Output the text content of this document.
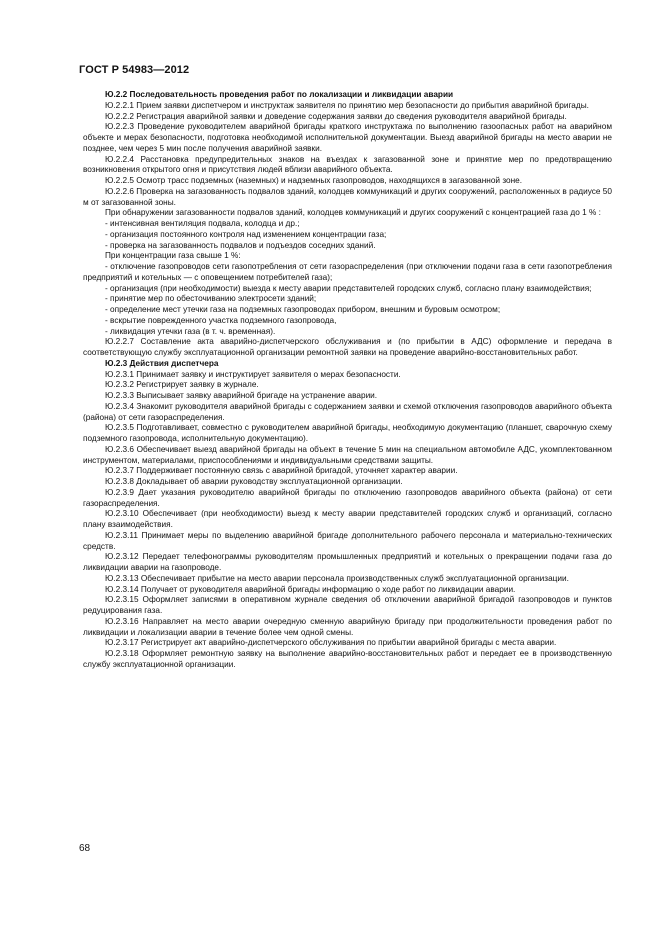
ГОСТ Р 54983—2012

Ю.2.2 Последовательность проведения работ по локализации и ликвидации аварии

Ю.2.2.1 Прием заявки диспетчером и инструктаж заявителя по принятию мер безопасности до прибытия аварийной бригады.

Ю.2.2.2 Регистрация аварийной заявки и доведение содержания заявки до сведения руководителя аварийной бригады.

Ю.2.2.3 Проведение руководителем аварийной бригады краткого инструктажа по выполнению газоопасных работ на аварийном объекте и мерах безопасности, подготовка необходимой исполнительной документации. Выезд аварийной бригады на место аварии не позднее, чем через 5 мин после получения аварийной заявки.

Ю.2.2.4 Расстановка предупредительных знаков на въездах к загазованной зоне и принятие мер по предотвращению возникновения открытого огня и присутствия людей вблизи аварийного объекта.

Ю.2.2.5 Осмотр трасс подземных (наземных) и надземных газопроводов, находящихся в загазованной зоне.

Ю.2.2.6 Проверка на загазованность подвалов зданий, колодцев коммуникаций и других сооружений, расположенных в радиусе 50 м от загазованной зоны.

При обнаружении загазованности подвалов зданий, колодцев коммуникаций и других сооружений с концентрацией газа до 1 % :

- интенсивная вентиляция подвала, колодца и др.;

- организация постоянного контроля над изменением концентрации газа;

- проверка на загазованность подвалов и подъездов соседних зданий.

При концентрации газа свыше 1 %:

- отключение газопроводов сети газопотребления от сети газораспределения (при отключении подачи газа в сети газопотребления предприятий и котельных — с оповещением потребителей газа);

- организация (при необходимости) выезда к месту аварии представителей городских служб, согласно плану взаимодействия;

- принятие мер по обесточиванию электросети зданий;

- определение мест утечки газа на подземных газопроводах прибором, внешним и буровым осмотром;

- вскрытие поврежденного участка подземного газопровода,

- ликвидация утечки газа (в т. ч. временная).

Ю.2.2.7 Составление акта аварийно-диспетчерского обслуживания и (по прибытии в АДС) оформление и передача в соответствующую службу эксплуатационной организации ремонтной заявки на проведение аварийно-восстановительных работ.

Ю.2.3 Действия диспетчера

Ю.2.3.1 Принимает заявку и инструктирует заявителя о мерах безопасности.

Ю.2.3.2 Регистрирует заявку в журнале.

Ю.2.3.3 Выписывает заявку аварийной бригаде на устранение аварии.

Ю.2.3.4 Знакомит руководителя аварийной бригады с содержанием заявки и схемой отключения газопроводов аварийного объекта (района) от сети газораспределения.

Ю.2.3.5 Подготавливает, совместно с руководителем аварийной бригады, необходимую документацию (планшет, сварочную схему подземного газопровода, исполнительную документацию).

Ю.2.3.6 Обеспечивает выезд аварийной бригады на объект в течение 5 мин на специальном автомобиле АДС, укомплектованном инструментом, материалами, приспособлениями и индивидуальными средствами защиты.

Ю.2.3.7 Поддерживает постоянную связь с аварийной бригадой, уточняет характер аварии.

Ю.2.3.8 Докладывает об аварии руководству эксплуатационной организации.

Ю.2.3.9 Дает указания руководителю аварийной бригады по отключению газопроводов аварийного объекта (района) от сети газораспределения.

Ю.2.3.10 Обеспечивает (при необходимости) выезд к месту аварии представителей городских служб и организаций, согласно плану взаимодействия.

Ю.2.3.11 Принимает меры по выделению аварийной бригаде дополнительного рабочего персонала и материально-технических средств.

Ю.2.3.12 Передает телефонограммы руководителям промышленных предприятий и котельных о прекращении подачи газа до ликвидации аварии на газопроводе.

Ю.2.3.13 Обеспечивает прибытие на место аварии персонала производственных служб эксплуатационной организации.

Ю.2.3.14 Получает от руководителя аварийной бригады информацию о ходе работ по ликвидации аварии.

Ю.2.3.15 Оформляет записями в оперативном журнале сведения об отключении аварийной бригадой газопроводов и пунктов редуцирования газа.

Ю.2.3.16 Направляет на место аварии очередную сменную аварийную бригаду при продолжительности проведения работ по ликвидации и локализации аварии в течение более чем одной смены.

Ю.2.3.17 Регистрирует акт аварийно-диспетчерского обслуживания по прибытии аварийной бригады с места аварии.

Ю.2.3.18 Оформляет ремонтную заявку на выполнение аварийно-восстановительных работ и передает ее в производственную службу эксплуатационной организации.

68
